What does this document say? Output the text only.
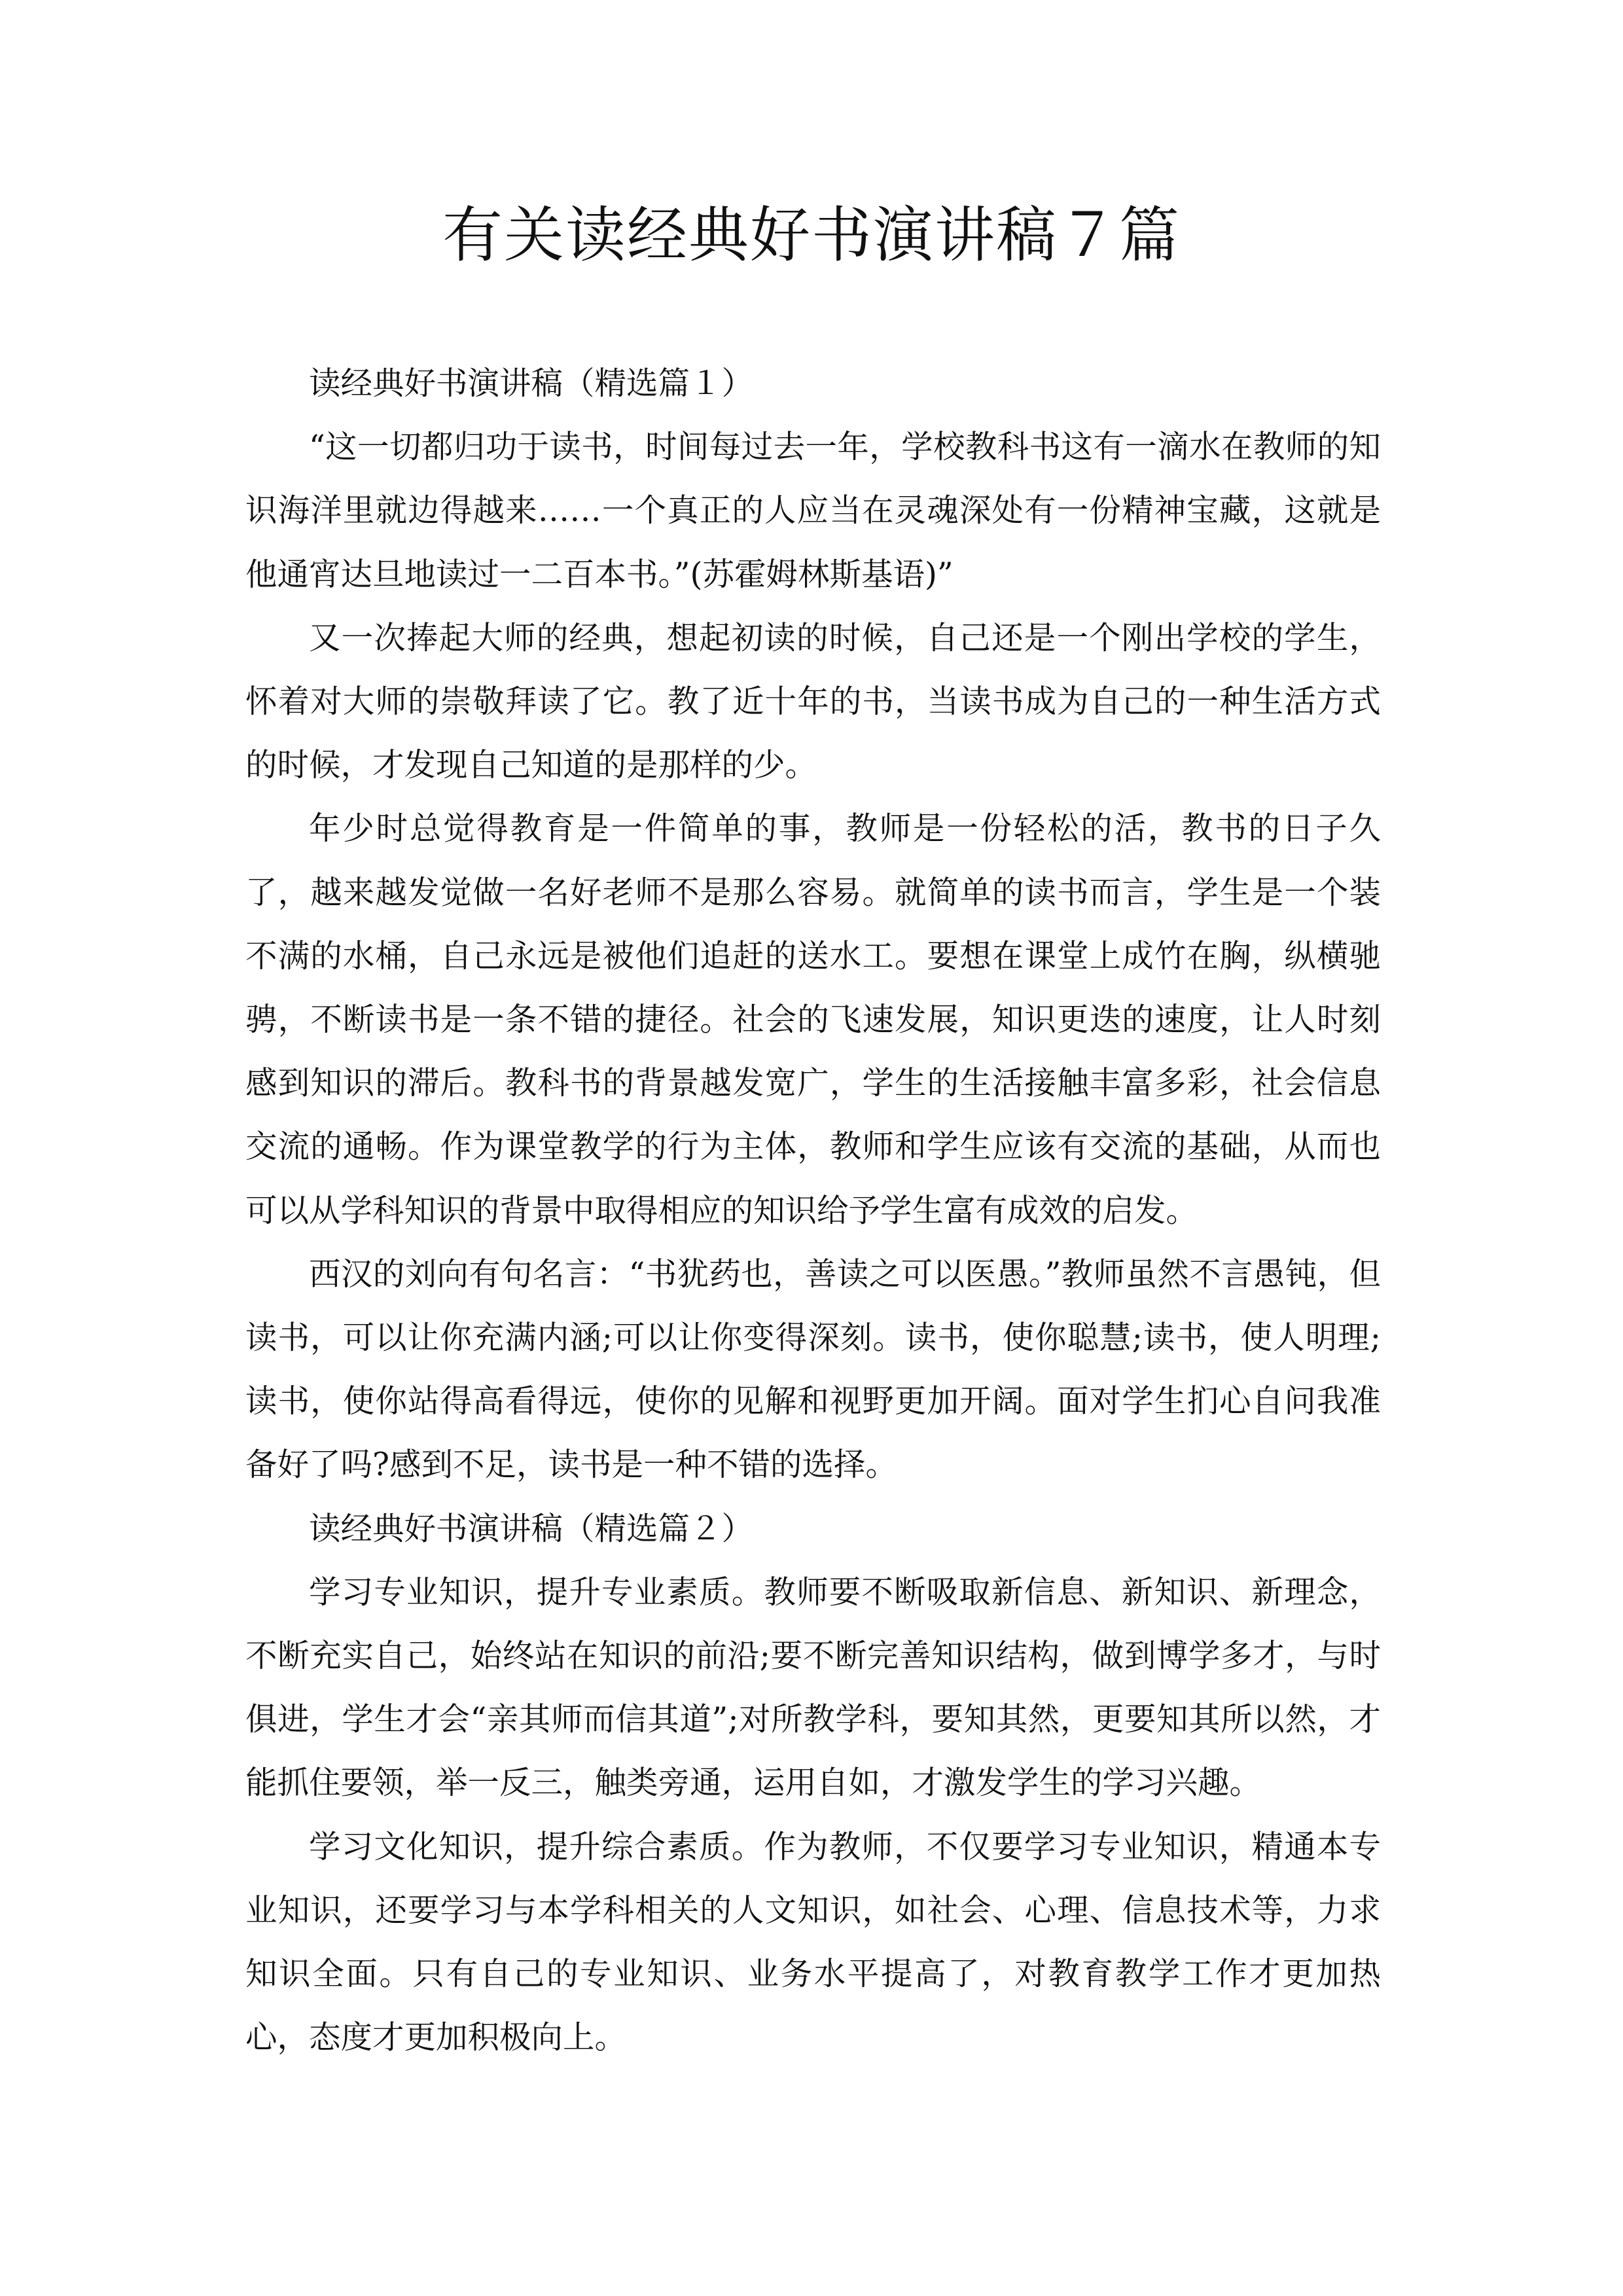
有关读经典好书演讲稿７篇

读经典好书演讲稿（精选篇１）

“这一切都归功于读书，时间每过去一年，学校教科书这有一滴水在教师的知识海洋里就边得越来……一个真正的人应当在灵魂深处有一份精神宝藏，这就是他通宵达旦地读过一二百本书。”(苏霍姆林斯基语)”

又一次捧起大师的经典，想起初读的时候，自己还是一个刚出学校的学生，怀着对大师的崇敬拜读了它。教了近十年的书，当读书成为自己的一种生活方式的时候，才发现自己知道的是那样的少。

年少时总觉得教育是一件简单的事，教师是一份轻松的活，教书的日子久了，越来越发觉做一名好老师不是那么容易。就简单的读书而言，学生是一个装不满的水桶，自己永远是被他们追赶的送水工。要想在课堂上成竹在胸，纵横驰骋，不断读书是一条不错的捷径。社会的飞速发展，知识更迭的速度，让人时刻感到知识的滞后。教科书的背景越发宽广，学生的生活接触丰富多彩，社会信息交流的通畅。作为课堂教学的行为主体，教师和学生应该有交流的基础，从而也可以从学科知识的背景中取得相应的知识给予学生富有成效的启发。

西汉的刘向有句名言：“书犹药也，善读之可以医愚。”教师虽然不言愚钝，但读书，可以让你充满内涵;可以让你变得深刻。读书，使你聪慧;读书，使人明理;读书，使你站得高看得远，使你的见解和视野更加开阔。面对学生扪心自问我准备好了吗?感到不足，读书是一种不错的选择。

读经典好书演讲稿（精选篇２）

学习专业知识，提升专业素质。教师要不断吸取新信息、新知识、新理念，不断充实自己，始终站在知识的前沿;要不断完善知识结构，做到博学多才，与时俱进，学生才会“亲其师而信其道”;对所教学科，要知其然，更要知其所以然，才能抓住要领，举一反三，触类旁通，运用自如，才激发学生的学习兴趣。

学习文化知识，提升综合素质。作为教师，不仅要学习专业知识，精通本专业知识，还要学习与本学科相关的人文知识，如社会、心理、信息技术等，力求知识全面。只有自己的专业知识、业务水平提高了，对教育教学工作才更加热心，态度才更加积极向上。
